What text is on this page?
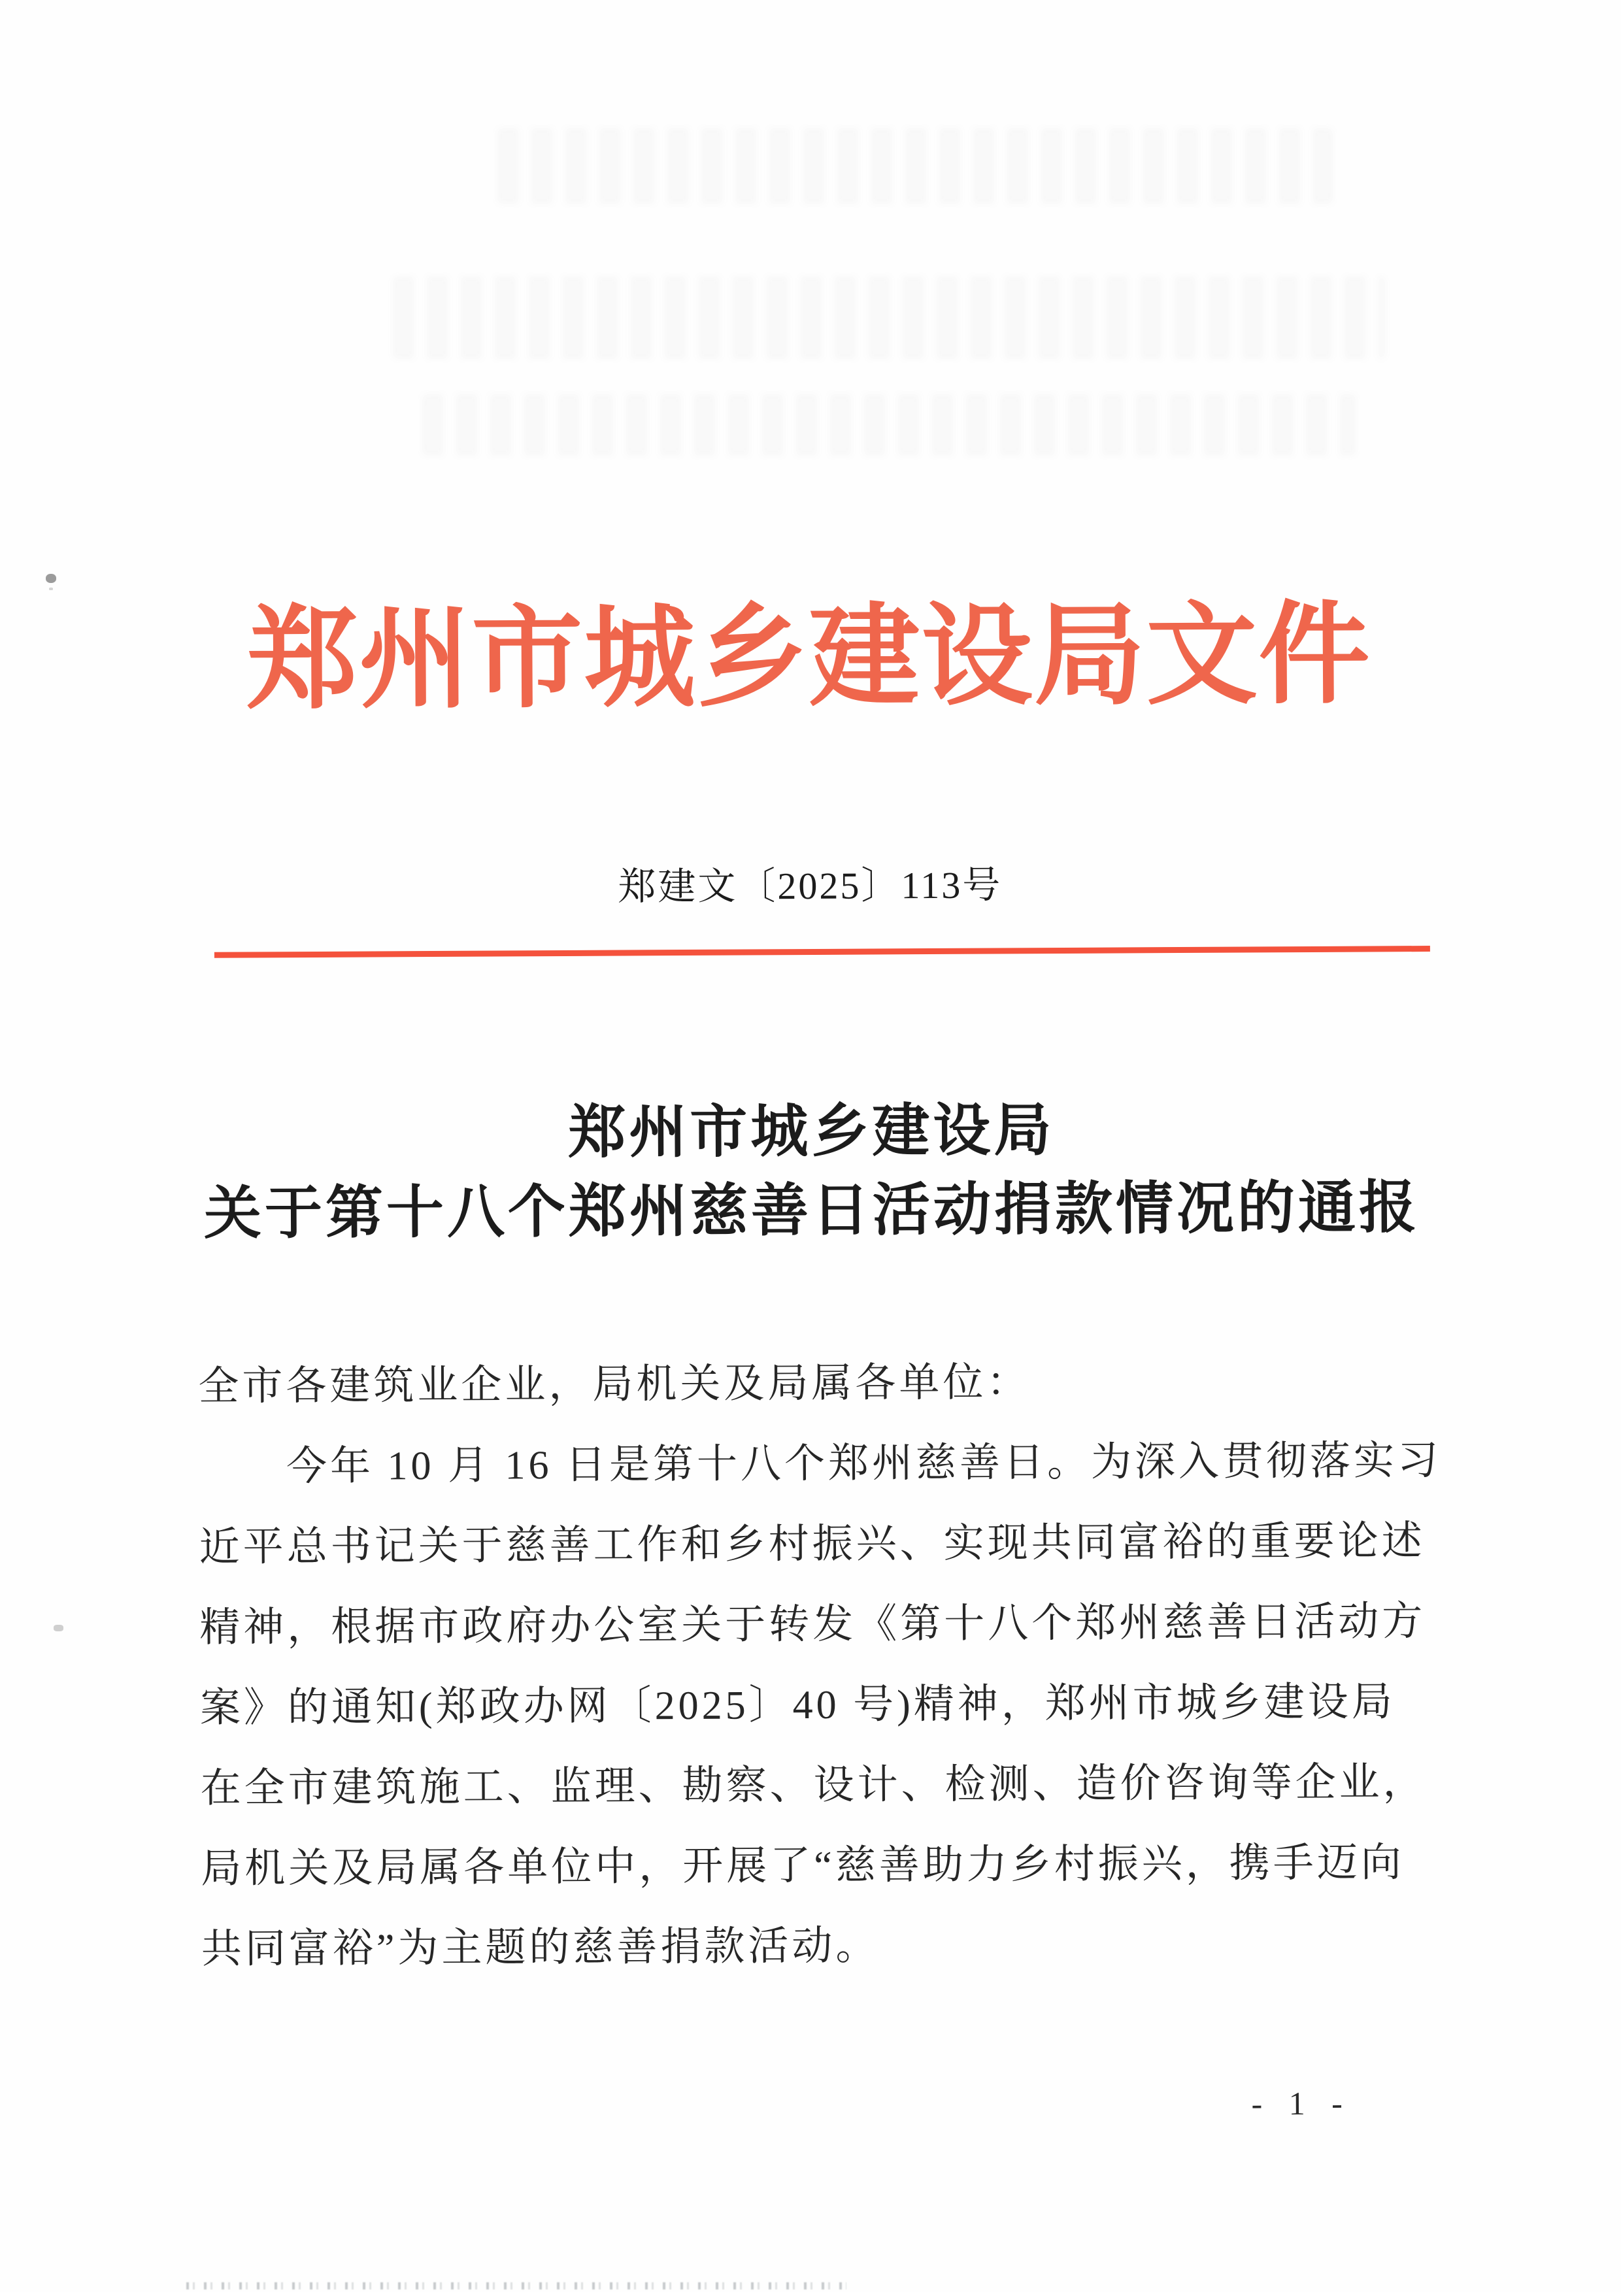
郑州市城乡建设局文件
郑建文〔2025〕113号
郑州市城乡建设局
关于第十八个郑州慈善日活动捐款情况的通报
全市各建筑业企业，局机关及局属各单位：
　　今年 10 月 16 日是第十八个郑州慈善日。为深入贯彻落实习
近平总书记关于慈善工作和乡村振兴、实现共同富裕的重要论述
精神，根据市政府办公室关于转发《第十八个郑州慈善日活动方
案》的通知(郑政办网〔2025〕40 号)精神，郑州市城乡建设局
在全市建筑施工、监理、勘察、设计、检测、造价咨询等企业，
局机关及局属各单位中，开展了“慈善助力乡村振兴，携手迈向
共同富裕”为主题的慈善捐款活动。
- 1 -
